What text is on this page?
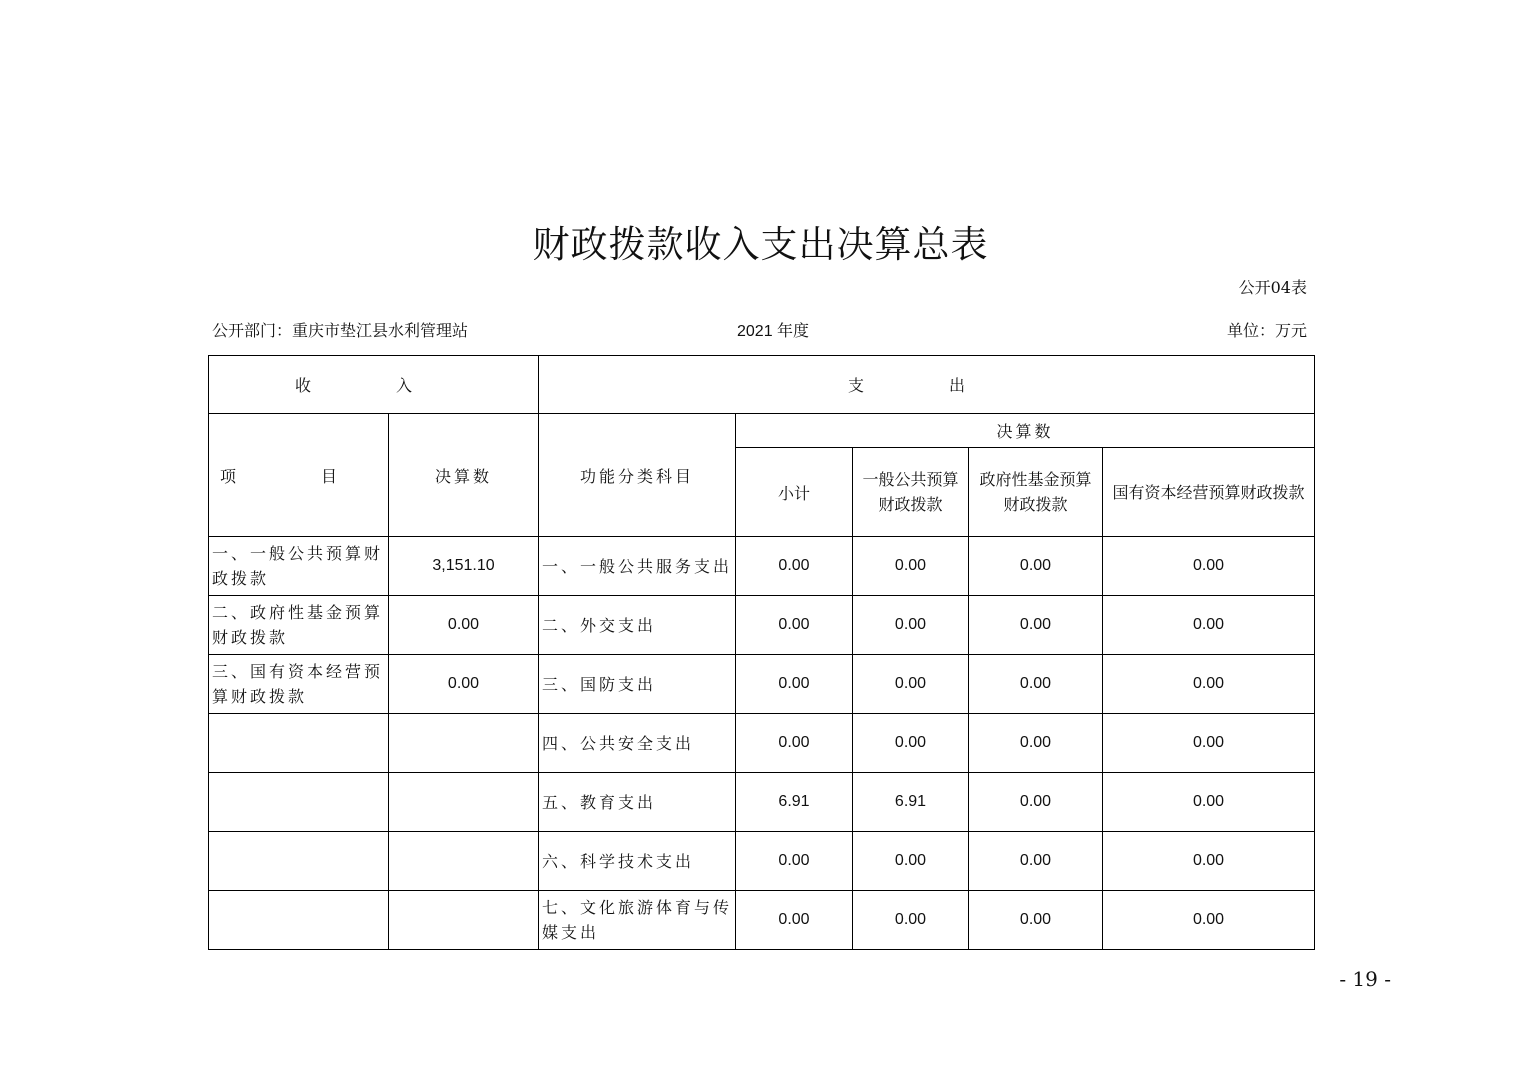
财政拨款收入支出决算总表
公开04表
公开部门：重庆市垫江县水利管理站	2021 年度	单位：万元
收 入		支 出				
项 目	决算数	功能分类科目	决算数			
			小计	一般公共预算财政拨款	政府性基金预算财政拨款	国有资本经营预算财政拨款
一、一般公共预算财政拨款	3,151.10	一、一般公共服务支出	0.00	0.00	0.00	0.00
二、政府性基金预算财政拨款	0.00	二、外交支出	0.00	0.00	0.00	0.00
三、国有资本经营预算财政拨款	0.00	三、国防支出	0.00	0.00	0.00	0.00
		四、公共安全支出	0.00	0.00	0.00	0.00
		五、教育支出	6.91	6.91	0.00	0.00
		六、科学技术支出	0.00	0.00	0.00	0.00
		七、文化旅游体育与传媒支出	0.00	0.00	0.00	0.00
- 19 -
